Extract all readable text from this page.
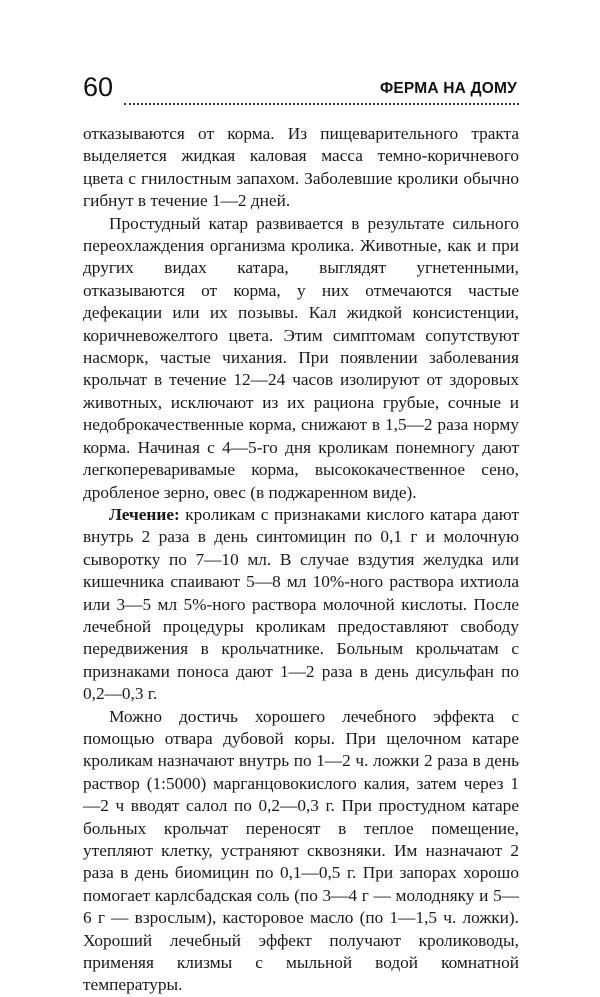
60	ФЕРМА НА ДОМУ

отказываются от корма. Из пищеварительного тракта выделяется жидкая каловая масса темно-коричневого цвета с гнилостным запахом. Заболевшие кролики обычно гибнут в течение 1—2 дней.

Простудный катар развивается в результате сильного переохлаждения организма кролика. Животные, как и при других видах катара, выглядят угнетенными, отказываются от корма, у них отмечаются частые дефекации или их позывы. Кал жидкой консистенции, коричневожелтого цвета. Этим симптомам сопутствуют насморк, частые чихания. При появлении заболевания крольчат в течение 12—24 часов изолируют от здоровых животных, исключают из их рациона грубые, сочные и недоброкачественные корма, снижают в 1,5—2 раза норму корма. Начиная с 4—5-го дня кроликам понемногу дают легкопереваривамые корма, высококачественное сено, дробленое зерно, овес (в поджаренном виде).

Лечение: кроликам с признаками кислого катара дают внутрь 2 раза в день синтомицин по 0,1 г и молочную сыворотку по 7—10 мл. В случае вздутия желудка или кишечника спаивают 5—8 мл 10%-ного раствора ихтиола или 3—5 мл 5%-ного раствора молочной кислоты. После лечебной процедуры кроликам предоставляют свободу передвижения в крольчатнике. Больным крольчатам с признаками поноса дают 1—2 раза в день дисульфан по 0,2—0,3 г.

Можно достичь хорошего лечебного эффекта с помощью отвара дубовой коры. При щелочном катаре кроликам назначают внутрь по 1—2 ч. ложки 2 раза в день раствор (1:5000) марганцовокислого калия, затем через 1—2 ч вводят салол по 0,2—0,3 г. При простудном катаре больных крольчат переносят в теплое помещение, утепляют клетку, устраняют сквозняки. Им назначают 2 раза в день биомицин по 0,1—0,5 г. При запорах хорошо помогает карлсбадская соль (по 3—4 г — молодняку и 5—6 г — взрослым), касторовое масло (по 1—1,5 ч. ложки). Хороший лечебный эффект получают кролиководы, применяя клизмы с мыльной водой комнатной температуры.
